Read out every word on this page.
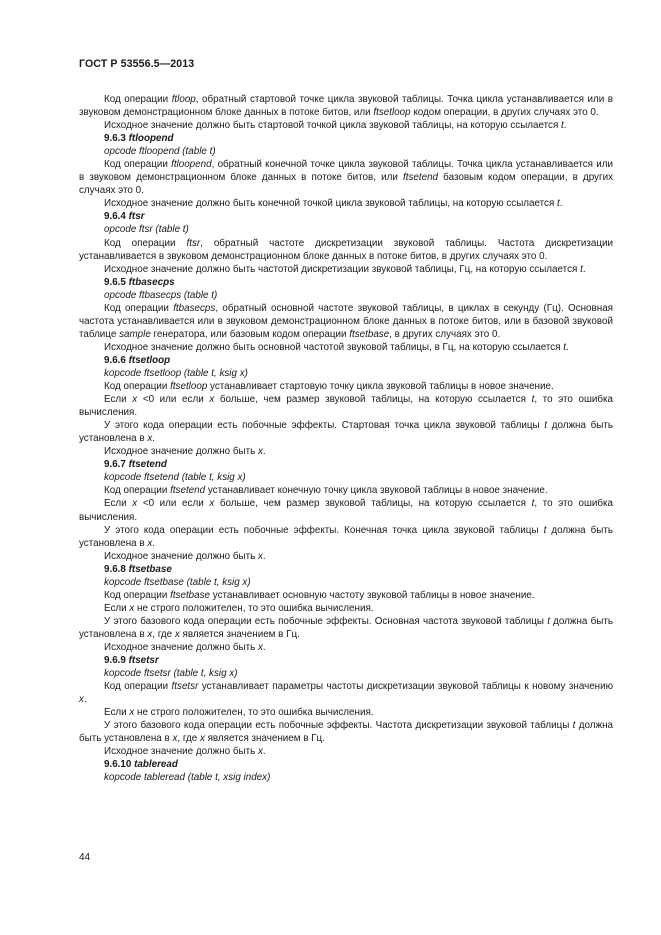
ГОСТ Р 53556.5—2013

Код операции ftloop, обратный стартовой точке цикла звуковой таблицы. Точка цикла устанавливается или в звуковом демонстрационном блоке данных в потоке битов, или ftsetloop кодом операции, в других случаях это 0.

Исходное значение должно быть стартовой точкой цикла звуковой таблицы, на которую ссылается t.

9.6.3 ftloopend

opcode ftloopend (table t)

Код операции ftloopend, обратный конечной точке цикла звуковой таблицы. Точка цикла устанавливается или в звуковом демонстрационном блоке данных в потоке битов, или ftsetend базовым кодом операции, в других случаях это 0.

Исходное значение должно быть конечной точкой цикла звуковой таблицы, на которую ссылается t.

9.6.4 ftsr

opcode ftsr (table t)

Код операции ftsr, обратный частоте дискретизации звуковой таблицы. Частота дискретизации устанавливается в звуковом демонстрационном блоке данных в потоке битов, в других случаях это 0.

Исходное значение должно быть частотой дискретизации звуковой таблицы, Гц, на которую ссылается t.

9.6.5 ftbasecps

opcode ftbasecps (table t)

Код операции ftbasecps, обратный основной частоте звуковой таблицы, в циклах в секунду (Гц). Основная частота устанавливается или в звуковом демонстрационном блоке данных в потоке битов, или в базовой звуковой таблице sample генератора, или базовым кодом операции ftsetbase, в других случаях это 0.

Исходное значение должно быть основной частотой звуковой таблицы, в Гц, на которую ссылается t.

9.6.6 ftsetloop

kopcode ftsetloop (table t, ksig x)

Код операции ftsetloop устанавливает стартовую точку цикла звуковой таблицы в новое значение.

Если x <0 или если x больше, чем размер звуковой таблицы, на которую ссылается t, то это ошибка вычисления.

У этого кода операции есть побочные эффекты. Стартовая точка цикла звуковой таблицы t должна быть установлена в x.

Исходное значение должно быть x.

9.6.7 ftsetend

kopcode ftsetend (table t, ksig x)

Код операции ftsetend устанавливает конечную точку цикла звуковой таблицы в новое значение.

Если x <0 или если x больше, чем размер звуковой таблицы, на которую ссылается t, то это ошибка вычисления.

У этого кода операции есть побочные эффекты. Конечная точка цикла звуковой таблицы t должна быть установлена в x.

Исходное значение должно быть x.

9.6.8 ftsetbase

kopcode ftsetbase (table t, ksig x)

Код операции ftsetbase устанавливает основную частоту звуковой таблицы в новое значение.

Если x не строго положителен, то это ошибка вычисления.

У этого базового кода операции есть побочные эффекты. Основная частота звуковой таблицы t должна быть установлена в x, где x является значением в Гц.

Исходное значение должно быть x.

9.6.9 ftsetsr

kopcode ftsetsr (table t, ksig x)

Код операции ftsetsr устанавливает параметры частоты дискретизации звуковой таблицы к новому значению x.

Если x не строго положителен, то это ошибка вычисления.

У этого базового кода операции есть побочные эффекты. Частота дискретизации звуковой таблицы t должна быть установлена в x, где x является значением в Гц.

Исходное значение должно быть x.

9.6.10 tableread

kopcode tableread (table t, xsig index)

44
